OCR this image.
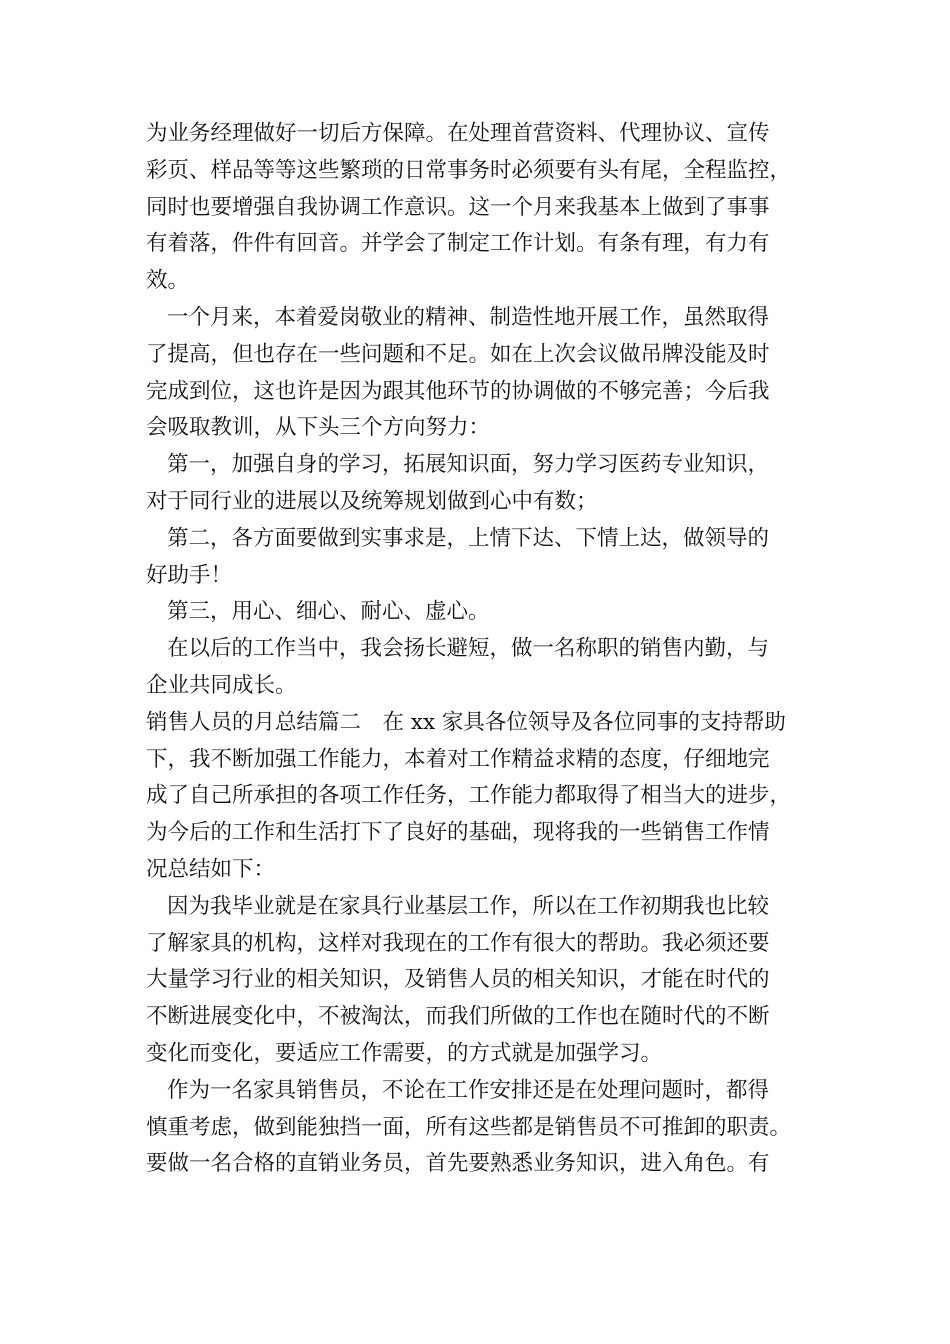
为业务经理做好一切后方保障。在处理首营资料、代理协议、宣传
彩页、样品等等这些繁琐的日常事务时必须要有头有尾，全程监控，
同时也要增强自我协调工作意识。这一个月来我基本上做到了事事
有着落，件件有回音。并学会了制定工作计划。有条有理，有力有
效。
一个月来，本着爱岗敬业的精神、制造性地开展工作，虽然取得
了提高，但也存在一些问题和不足。如在上次会议做吊牌没能及时
完成到位，这也许是因为跟其他环节的协调做的不够完善；今后我
会吸取教训，从下头三个方向努力：
第一，加强自身的学习，拓展知识面，努力学习医药专业知识，
对于同行业的进展以及统筹规划做到心中有数；
第二，各方面要做到实事求是，上情下达、下情上达，做领导的
好助手！
第三，用心、细心、耐心、虚心。
在以后的工作当中，我会扬长避短，做一名称职的销售内勤，与
企业共同成长。
销售人员的月总结篇二　在 xx 家具各位领导及各位同事的支持帮助
下，我不断加强工作能力，本着对工作精益求精的态度，仔细地完
成了自己所承担的各项工作任务，工作能力都取得了相当大的进步，
为今后的工作和生活打下了良好的基础，现将我的一些销售工作情
况总结如下：
因为我毕业就是在家具行业基层工作，所以在工作初期我也比较
了解家具的机构，这样对我现在的工作有很大的帮助。我必须还要
大量学习行业的相关知识，及销售人员的相关知识，才能在时代的
不断进展变化中，不被淘汰，而我们所做的工作也在随时代的不断
变化而变化，要适应工作需要，的方式就是加强学习。
作为一名家具销售员，不论在工作安排还是在处理问题时，都得
慎重考虑，做到能独挡一面，所有这些都是销售员不可推卸的职责。
要做一名合格的直销业务员，首先要熟悉业务知识，进入角色。有
